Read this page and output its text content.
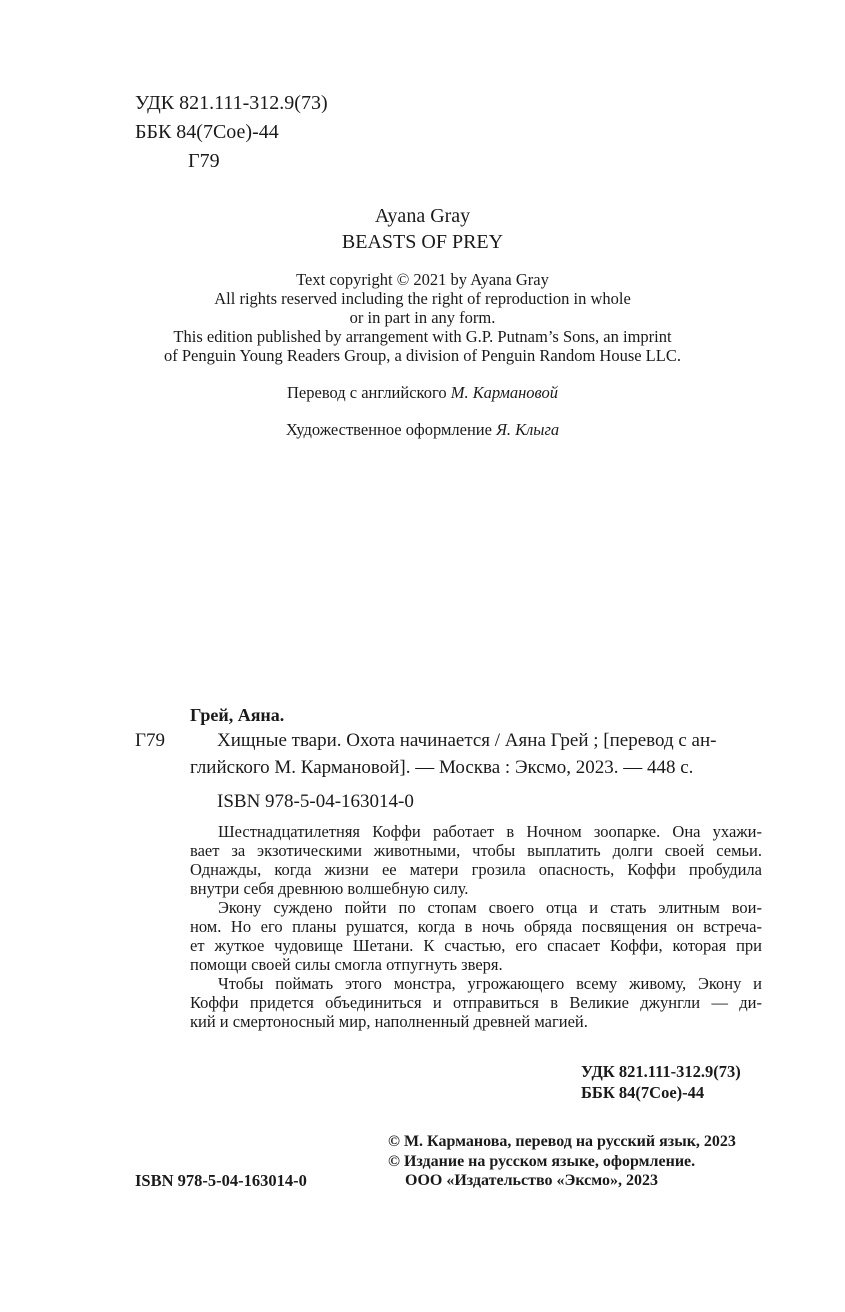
УДК 821.111-312.9(73)
ББК 84(7Сое)-44
Г79
Ayana Gray
BEASTS OF PREY
Text copyright © 2021 by Ayana Gray
All rights reserved including the right of reproduction in whole
or in part in any form.
This edition published by arrangement with G.P. Putnam’s Sons, an imprint
of Penguin Young Readers Group, a division of Penguin Random House LLC.
Перевод с английского М. Кармановой
Художественное оформление Я. Клыга
Грей, Аяна.
Г79	Хищные твари. Охота начинается / Аяна Грей ; [перевод с ан-
глийского М. Кармановой]. — Москва : Эксмо, 2023. — 448 с.
ISBN 978-5-04-163014-0
Шестнадцатилетняя Коффи работает в Ночном зоопарке. Она ухажи-
вает за экзотическими животными, чтобы выплатить долги своей семьи.
Однажды, когда жизни ее матери грозила опасность, Коффи пробудила
внутри себя древнюю волшебную силу.
Экону суждено пойти по стопам своего отца и стать элитным вои-
ном. Но его планы рушатся, когда в ночь обряда посвящения он встреча-
ет жуткое чудовище Шетани. К счастью, его спасает Коффи, которая при
помощи своей силы смогла отпугнуть зверя.
Чтобы поймать этого монстра, угрожающего всему живому, Экону и
Коффи придется объединиться и отправиться в Великие джунгли — ди-
кий и смертоносный мир, наполненный древней магией.
УДК 821.111-312.9(73)
ББК 84(7Сое)-44
© М. Карманова, перевод на русский язык, 2023
© Издание на русском языке, оформление.
ООО «Издательство «Эксмо», 2023
ISBN 978-5-04-163014-0
